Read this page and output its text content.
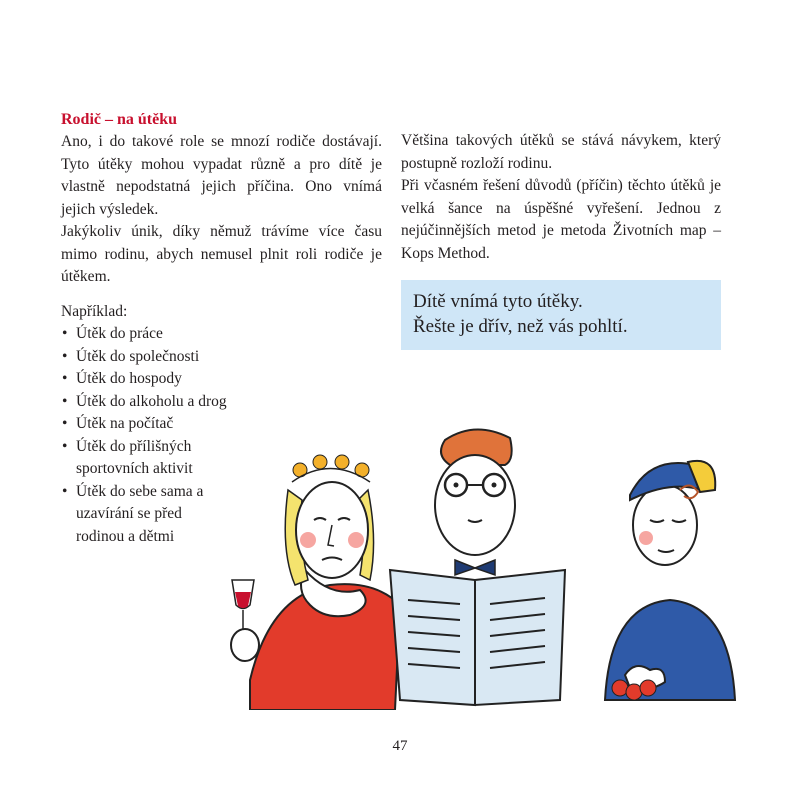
Rodič – na útěku

Ano, i do takové role se mnozí rodiče dostávají. Tyto útěky mohou vypadat různě a pro dítě je vlastně nepodstatná jejich příčina. Ono vnímá jejich výsledek.

Jakýkoliv únik, díky němuž trávíme více času mimo rodinu, abych nemusel plnit roli rodiče je útěkem.

Například:

• Útěk do práce
• Útěk do společnosti
• Útěk do hospody
• Útěk do alkoholu a drog
• Útěk na počítač
• Útěk do přílišných sportovních aktivit
• Útěk do sebe sama a uzavírání se před rodinou a dětmi

Většina takových útěků se stává návykem, který postupně rozloží rodinu.

Při včasném řešení důvodů (příčin) těchto útěků je velká šance na úspěšné vyřešení. Jednou z nejúčinnějších metod je metoda Životních map – Kops Method.

Dítě vnímá tyto útěky.
Řešte je dřív, než vás pohltí.
47
